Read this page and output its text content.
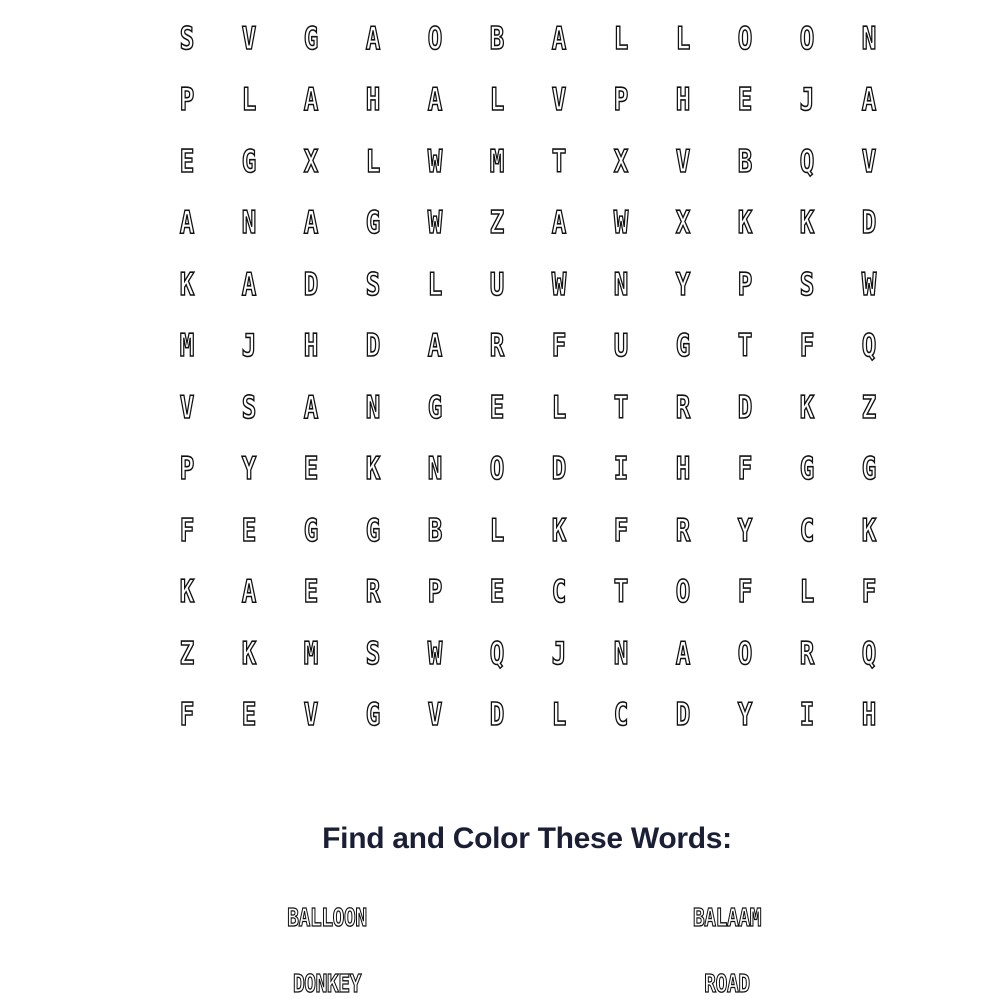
S	V	G	A	O	B	A	L	L	O	O	N
P	L	A	H	A	L	V	P	H	E	J	A
E	G	X	L	W	M	T	X	V	B	Q	V
A	N	A	G	W	Z	A	W	X	K	K	D
K	A	D	S	L	U	W	N	Y	P	S	W
M	J	H	D	A	R	F	U	G	T	F	Q
V	S	A	N	G	E	L	T	R	D	K	Z
P	Y	E	K	N	O	D	I	H	F	G	G
F	E	G	G	B	L	K	F	R	Y	C	K
K	A	E	R	P	E	C	T	O	F	L	F
Z	K	M	S	W	Q	J	N	A	O	R	Q
F	E	V	G	V	D	L	C	D	Y	I	H
Find and Color These Words:
BALLOON	BALAAM
DONKEY	ROAD
